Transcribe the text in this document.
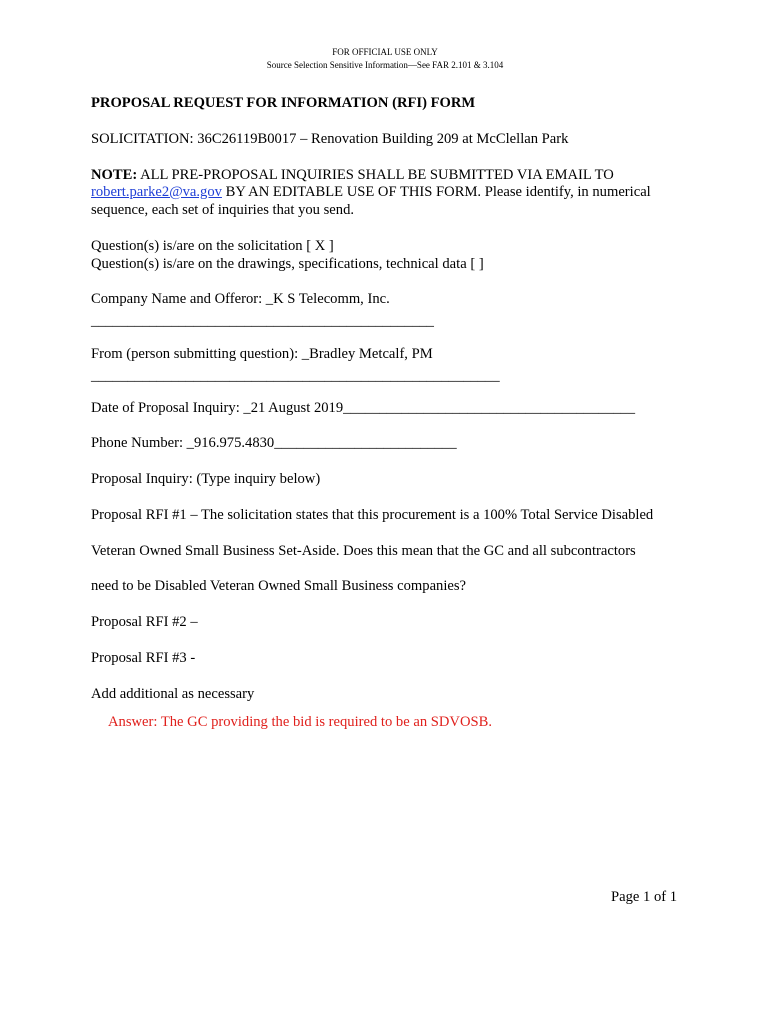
FOR OFFICIAL USE ONLY
Source Selection Sensitive Information—See FAR 2.101 & 3.104
PROPOSAL REQUEST FOR INFORMATION (RFI) FORM
SOLICITATION: 36C26119B0017 – Renovation Building 209 at McClellan Park
NOTE: ALL PRE-PROPOSAL INQUIRIES SHALL BE SUBMITTED VIA EMAIL TO
robert.parke2@va.gov BY AN EDITABLE USE OF THIS FORM. Please identify, in numerical
sequence, each set of inquiries that you send.
Question(s) is/are on the solicitation [ X ]
Question(s) is/are on the drawings, specifications, technical data [ ]
Company Name and Offeror: _K S Telecomm, Inc.
_______________________________________________
From (person submitting question): _Bradley Metcalf, PM
________________________________________________________
Date of Proposal Inquiry: _21 August 2019________________________________________
Phone Number: _916.975.4830_________________________
Proposal Inquiry: (Type inquiry below)
Proposal RFI #1 – The solicitation states that this procurement is a 100% Total Service Disabled
Veteran Owned Small Business Set-Aside. Does this mean that the GC and all subcontractors
need to be Disabled Veteran Owned Small Business companies?
Proposal RFI #2 –
Proposal RFI #3 -
Add additional as necessary
Answer: The GC providing the bid is required to be an SDVOSB.
Page 1 of 1
